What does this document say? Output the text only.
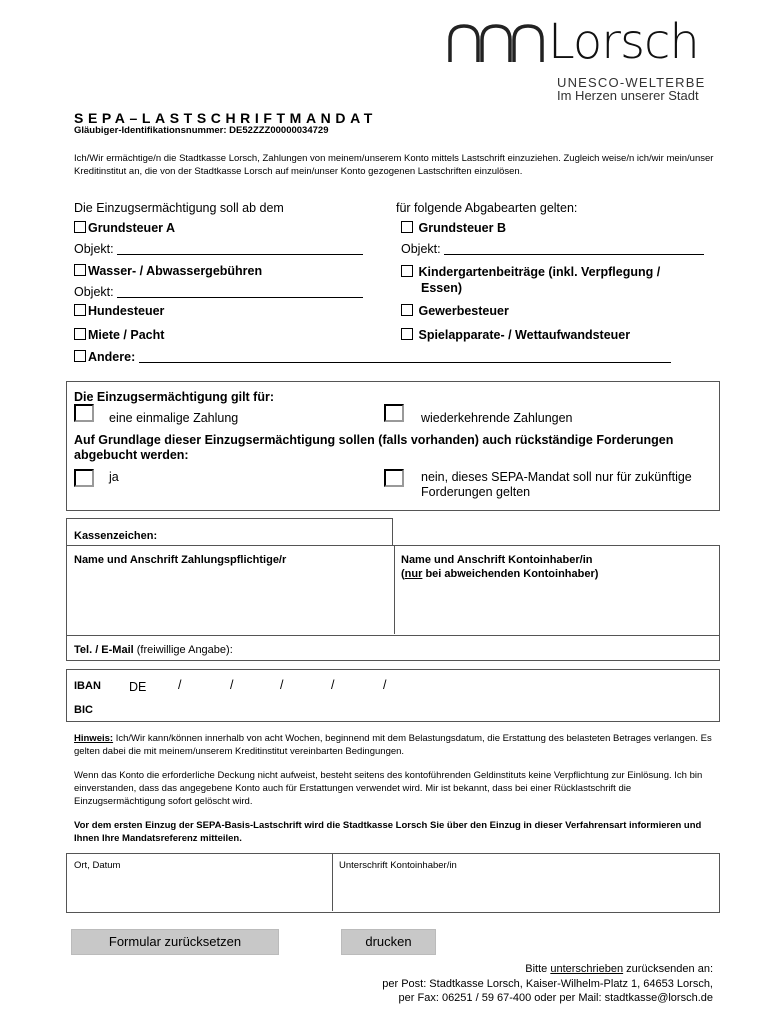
Lorsch
UNESCO-WELTERBE
Im Herzen unserer Stadt
SEPA–LASTSCHRIFTMANDAT
Gläubiger-Identifikationsnummer: DE52ZZZ00000034729
Ich/Wir ermächtige/n die Stadtkasse Lorsch, Zahlungen von meinem/unserem Konto mittels Lastschrift einzuziehen. Zugleich weise/n ich/wir mein/unser Kreditinstitut an, die von der Stadtkasse Lorsch auf mein/unser Konto gezogenen Lastschriften einzulösen.
Die Einzugsermächtigung soll ab dem	für folgende Abgabearten gelten:
Grundsteuer A	Grundsteuer B
Objekt:	Objekt:
Wasser- / Abwassergebühren	Kindergartenbeiträge (inkl. Verpflegung /
Essen)
Objekt:
Hundesteuer	Gewerbesteuer
Miete / Pacht	Spielapparate- / Wettaufwandsteuer
Andere:
Die Einzugsermächtigung gilt für:
eine einmalige Zahlung	wiederkehrende Zahlungen
Auf Grundlage dieser Einzugsermächtigung sollen (falls vorhanden) auch rückständige Forderungen abgebucht werden:
ja	nein, dieses SEPA-Mandat soll nur für zukünftige Forderungen gelten
Kassenzeichen:
Name und Anschrift Zahlungspflichtige/r	Name und Anschrift Kontoinhaber/in
(nur bei abweichenden Kontoinhaber)
Tel. / E-Mail (freiwillige Angabe):
IBAN DE	/	/	/	/	/
BIC
Hinweis: Ich/Wir kann/können innerhalb von acht Wochen, beginnend mit dem Belastungsdatum, die Erstattung des belasteten Betrages verlangen. Es gelten dabei die mit meinem/unserem Kreditinstitut vereinbarten Bedingungen.
Wenn das Konto die erforderliche Deckung nicht aufweist, besteht seitens des kontoführenden Geldinstituts keine Verpflichtung zur Einlösung. Ich bin einverstanden, dass das angegebene Konto auch für Erstattungen verwendet wird. Mir ist bekannt, dass bei einer Rücklastschrift die Einzugsermächtigung sofort gelöscht wird.
Vor dem ersten Einzug der SEPA-Basis-Lastschrift wird die Stadtkasse Lorsch Sie über den Einzug in dieser Verfahrensart informieren und Ihnen Ihre Mandatsreferenz mitteilen.
Ort, Datum	Unterschrift Kontoinhaber/in
Formular zurücksetzen	drucken
Bitte unterschrieben zurücksenden an:
per Post: Stadtkasse Lorsch, Kaiser-Wilhelm-Platz 1, 64653 Lorsch,
per Fax: 06251 / 59 67-400 oder per Mail: stadtkasse@lorsch.de
